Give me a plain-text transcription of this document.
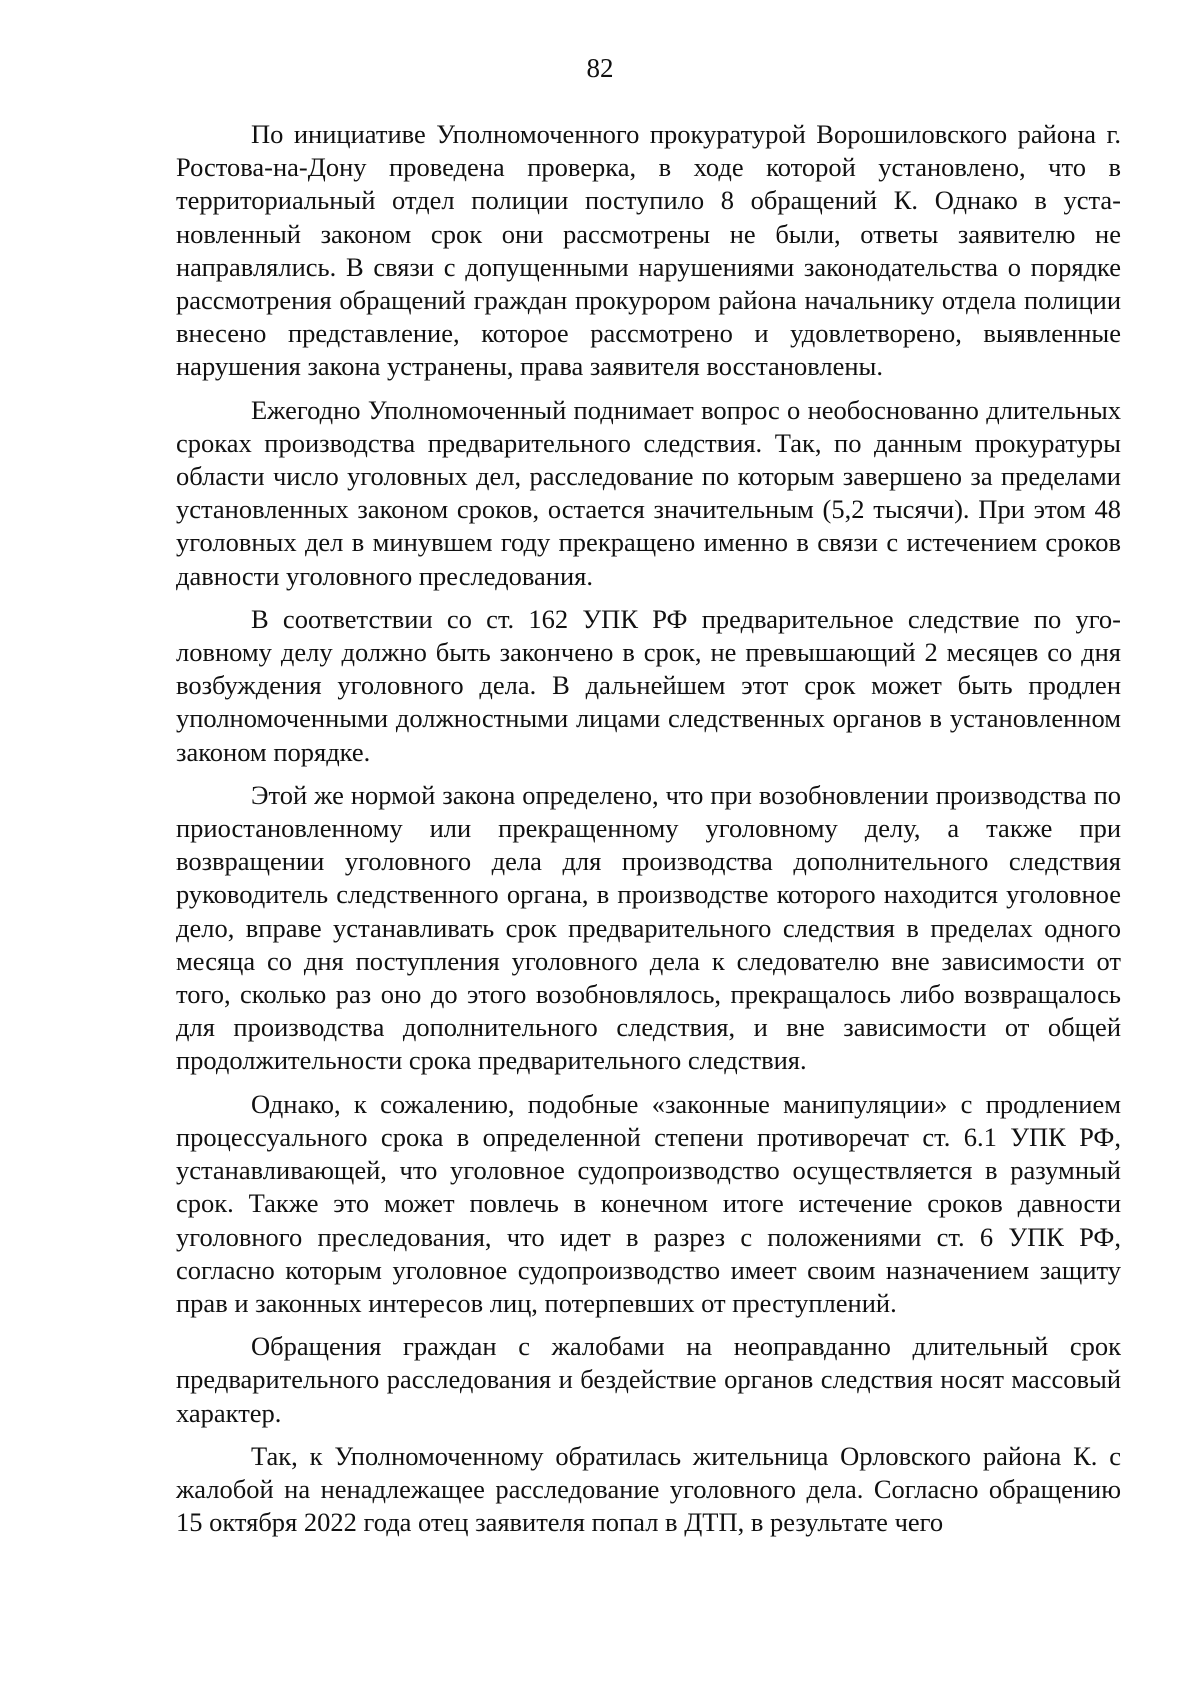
82

По инициативе Уполномоченного прокуратурой Ворошиловского района г. Ростова-на-Дону проведена проверка, в ходе которой установлено, что в территориальный отдел полиции поступило 8 обращений К. Однако в установленный законом срок они рассмотрены не были, ответы заявителю не направлялись. В связи с допущенными нарушениями законодательства о порядке рассмотрения обращений граждан прокурором района начальнику отдела полиции внесено представление, которое рассмотрено и удовлетворено, выявленные нарушения закона устранены, права заявителя восстановлены.

Ежегодно Уполномоченный поднимает вопрос о необоснованно длительных сроках производства предварительного следствия. Так, по данным прокуратуры области число уголовных дел, расследование по которым завершено за пределами установленных законом сроков, остается значительным (5,2 тысячи). При этом 48 уголовных дел в минувшем году прекращено именно в связи с истечением сроков давности уголовного преследования.

В соответствии со ст. 162 УПК РФ предварительное следствие по уголовному делу должно быть закончено в срок, не превышающий 2 месяцев со дня возбуждения уголовного дела. В дальнейшем этот срок может быть продлен уполномоченными должностными лицами следственных органов в установленном законом порядке.

Этой же нормой закона определено, что при возобновлении производства по приостановленному или прекращенному уголовному делу, а также при возвращении уголовного дела для производства дополнительного следствия руководитель следственного органа, в производстве которого находится уголовное дело, вправе устанавливать срок предварительного следствия в пределах одного месяца со дня поступления уголовного дела к следователю вне зависимости от того, сколько раз оно до этого возобновлялось, прекращалось либо возвращалось для производства дополнительного следствия, и вне зависимости от общей продолжительности срока предварительного следствия.

Однако, к сожалению, подобные «законные манипуляции» с продлением процессуального срока в определенной степени противоречат ст. 6.1 УПК РФ, устанавливающей, что уголовное судопроизводство осуществляется в разумный срок. Также это может повлечь в конечном итоге истечение сроков давности уголовного преследования, что идет в разрез с положениями ст. 6 УПК РФ, согласно которым уголовное судопроизводство имеет своим назначением защиту прав и законных интересов лиц, потерпевших от преступлений.

Обращения граждан с жалобами на неоправданно длительный срок предварительного расследования и бездействие органов следствия носят массовый характер.

Так, к Уполномоченному обратилась жительница Орловского района К. с жалобой на ненадлежащее расследование уголовного дела. Согласно обращению 15 октября 2022 года отец заявителя попал в ДТП, в результате чего
